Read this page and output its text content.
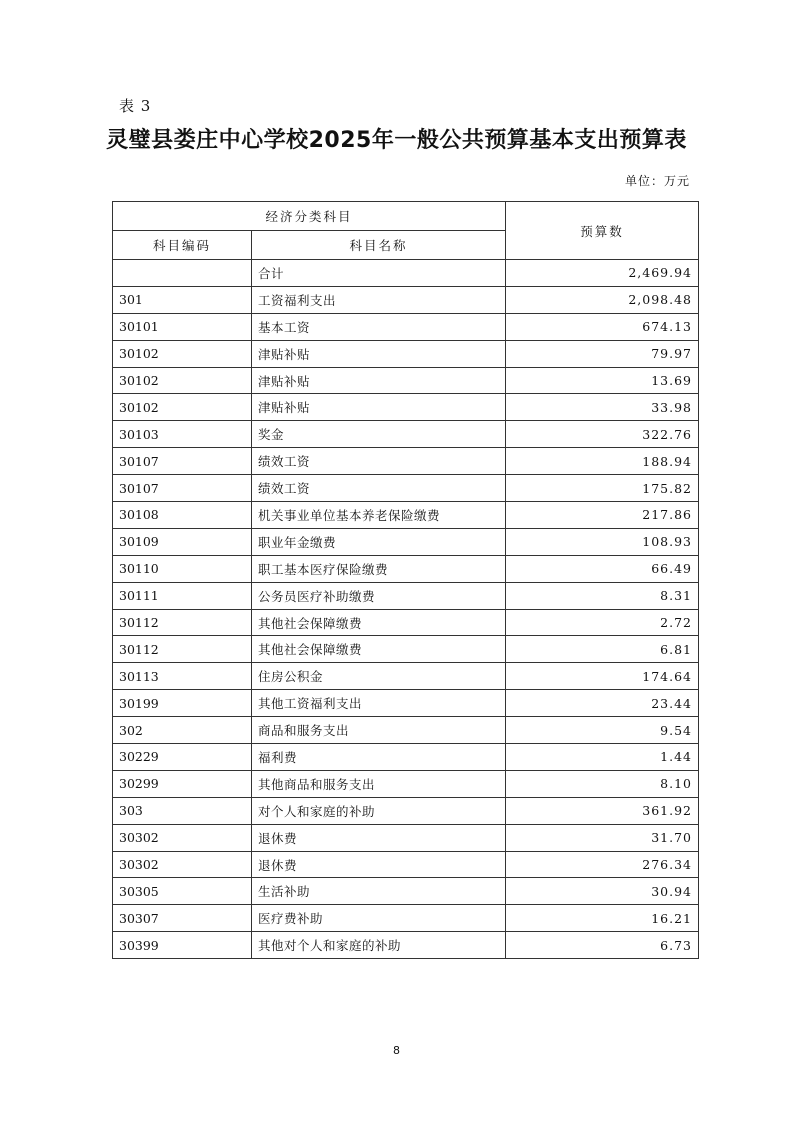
表 3
灵璧县娄庄中心学校2025年一般公共预算基本支出预算表
单位：万元
经济分类科目		预算数
科目编码	科目名称	
	合计	2,469.94
301	工资福利支出	2,098.48
30101	基本工资	674.13
30102	津贴补贴	79.97
30102	津贴补贴	13.69
30102	津贴补贴	33.98
30103	奖金	322.76
30107	绩效工资	188.94
30107	绩效工资	175.82
30108	机关事业单位基本养老保险缴费	217.86
30109	职业年金缴费	108.93
30110	职工基本医疗保险缴费	66.49
30111	公务员医疗补助缴费	8.31
30112	其他社会保障缴费	2.72
30112	其他社会保障缴费	6.81
30113	住房公积金	174.64
30199	其他工资福利支出	23.44
302	商品和服务支出	9.54
30229	福利费	1.44
30299	其他商品和服务支出	8.10
303	对个人和家庭的补助	361.92
30302	退休费	31.70
30302	退休费	276.34
30305	生活补助	30.94
30307	医疗费补助	16.21
30399	其他对个人和家庭的补助	6.73
8
